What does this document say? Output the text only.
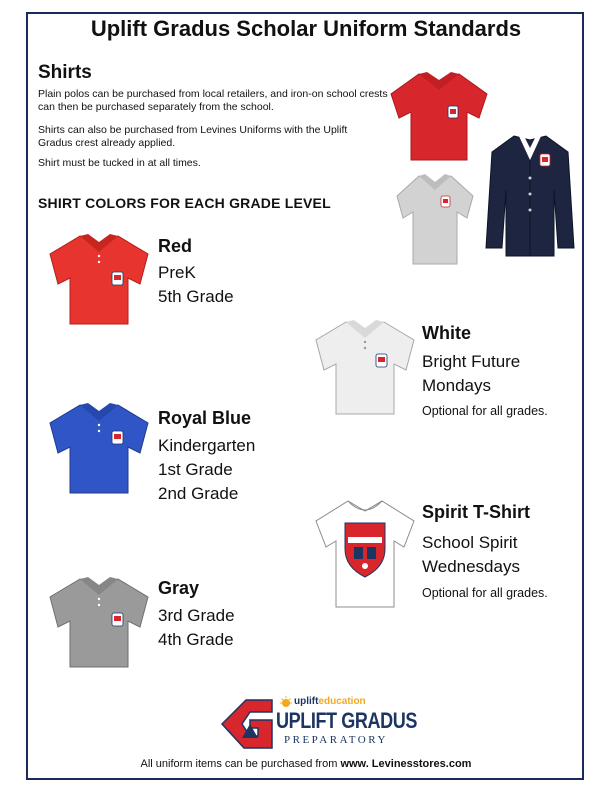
Uplift Gradus Scholar Uniform Standards
Shirts
Plain polos can be purchased from local retailers, and iron-on school crests can then be purchased separately from the school.
Shirts can also be purchased from Levines Uniforms with the Uplift Gradus crest already applied.
Shirt must be tucked in at all times.
SHIRT COLORS FOR EACH GRADE LEVEL
Red
PreK
5th Grade
Royal Blue
Kindergarten
1st Grade
2nd Grade
Gray
3rd Grade
4th Grade
White
Bright Future
Mondays
Optional for all grades.
Spirit T-Shirt
School Spirit
Wednesdays
Optional for all grades.
uplifteducation
UPLIFT GRADUS
PREPARATORY
All uniform items can be purchased from www. Levinesstores.com
